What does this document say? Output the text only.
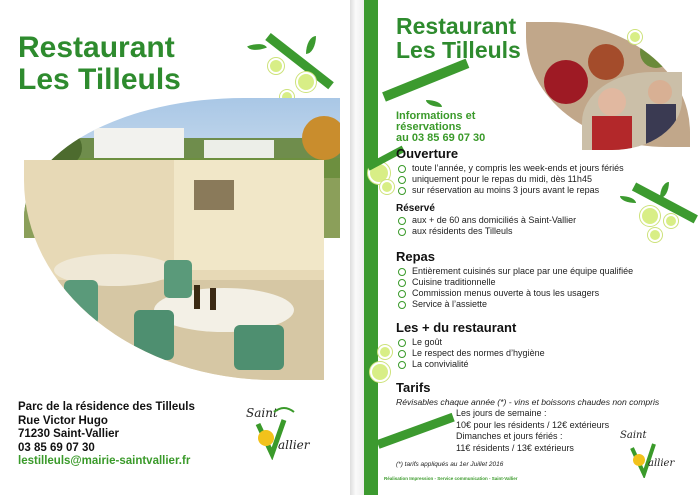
Restaurant
Les Tilleuls
Parc de la résidence des Tilleuls
Rue Victor Hugo
71230 Saint-Vallier
03 85 69 07 30
lestilleuls@mairie-saintvallier.fr
Saint
allier
Restaurant
Les Tilleuls
Informations et
réservations
au 03 85 69 07 30
Ouverture
toute l’année, y compris les week-ends et jours fériés
uniquement pour le repas du midi, dès 11h45
sur réservation au moins 3 jours avant le repas
Réservé
aux + de 60 ans domiciliés à Saint-Vallier
aux résidents des Tilleuls
Repas
Entièrement cuisinés sur place par une équipe qualifiée
Cuisine traditionnelle
Commission menus ouverte à tous les usagers
Service à l’assiette
Les + du restaurant
Le goût
Le respect des normes d’hygiène
La convivialité
Tarifs
Révisables chaque année (*) - vins et boissons chaudes non compris
Les jours de semaine :
10€ pour les résidents / 12€ extérieurs
Dimanches et jours fériés :
11€ résidents / 13€ extérieurs
(*) tarifs appliqués au 1er Juillet 2016
Réalisation Impression - Service communication - Saint-Vallier
Saint
allier
